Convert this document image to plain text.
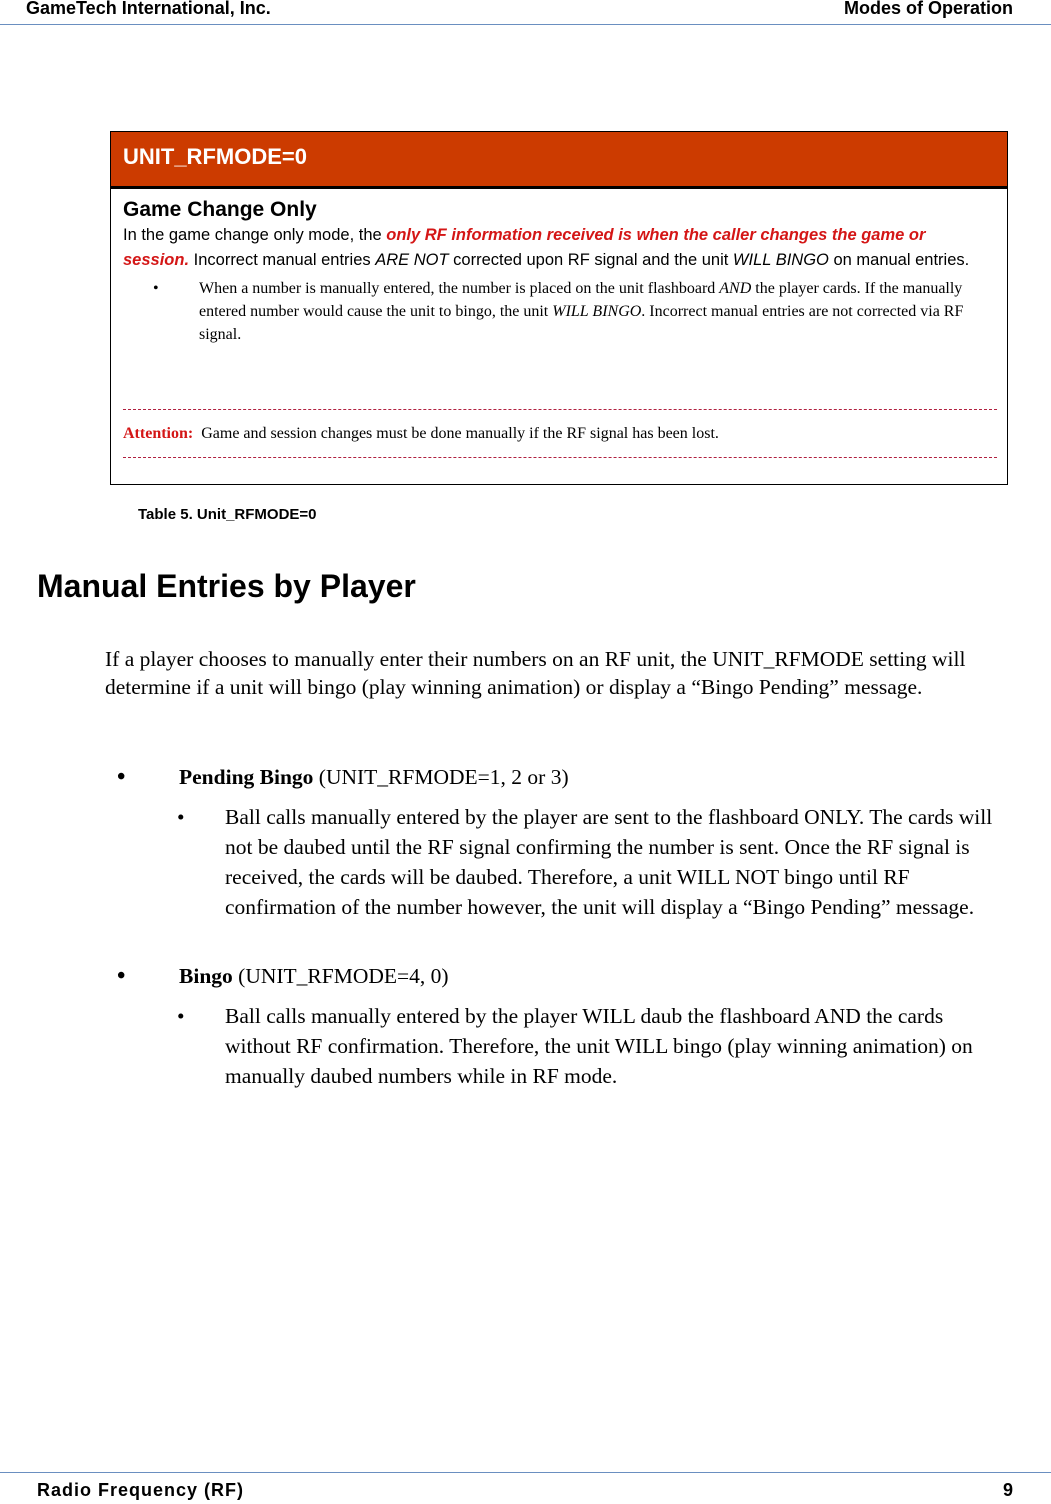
GameTech International, Inc.	Modes of Operation
UNIT_RFMODE=0
Game Change Only

In the game change only mode, the only RF information received is when the caller changes the game or session. Incorrect manual entries ARE NOT corrected upon RF signal and the unit WILL BINGO on manual entries.

•	When a number is manually entered, the number is placed on the unit flashboard AND the player cards. If the manually entered number would cause the unit to bingo, the unit WILL BINGO. Incorrect manual entries are not corrected via RF signal.
Attention: Game and session changes must be done manually if the RF signal has been lost.
Table 5. Unit_RFMODE=0
Manual Entries by Player

If a player chooses to manually enter their numbers on an RF unit, the UNIT_RFMODE setting will determine if a unit will bingo (play winning animation) or display a “Bingo Pending” message.

• Pending Bingo (UNIT_RFMODE=1, 2 or 3)
• Ball calls manually entered by the player are sent to the flashboard ONLY. The cards will not be daubed until the RF signal confirming the number is sent. Once the RF signal is received, the cards will be daubed. Therefore, a unit WILL NOT bingo until RF confirmation of the number however, the unit will display a “Bingo Pending” message.
• Bingo (UNIT_RFMODE=4, 0)
• Ball calls manually entered by the player WILL daub the flashboard AND the cards without RF confirmation. Therefore, the unit WILL bingo (play winning animation) on manually daubed numbers while in RF mode.
Radio Frequency (RF)	9
